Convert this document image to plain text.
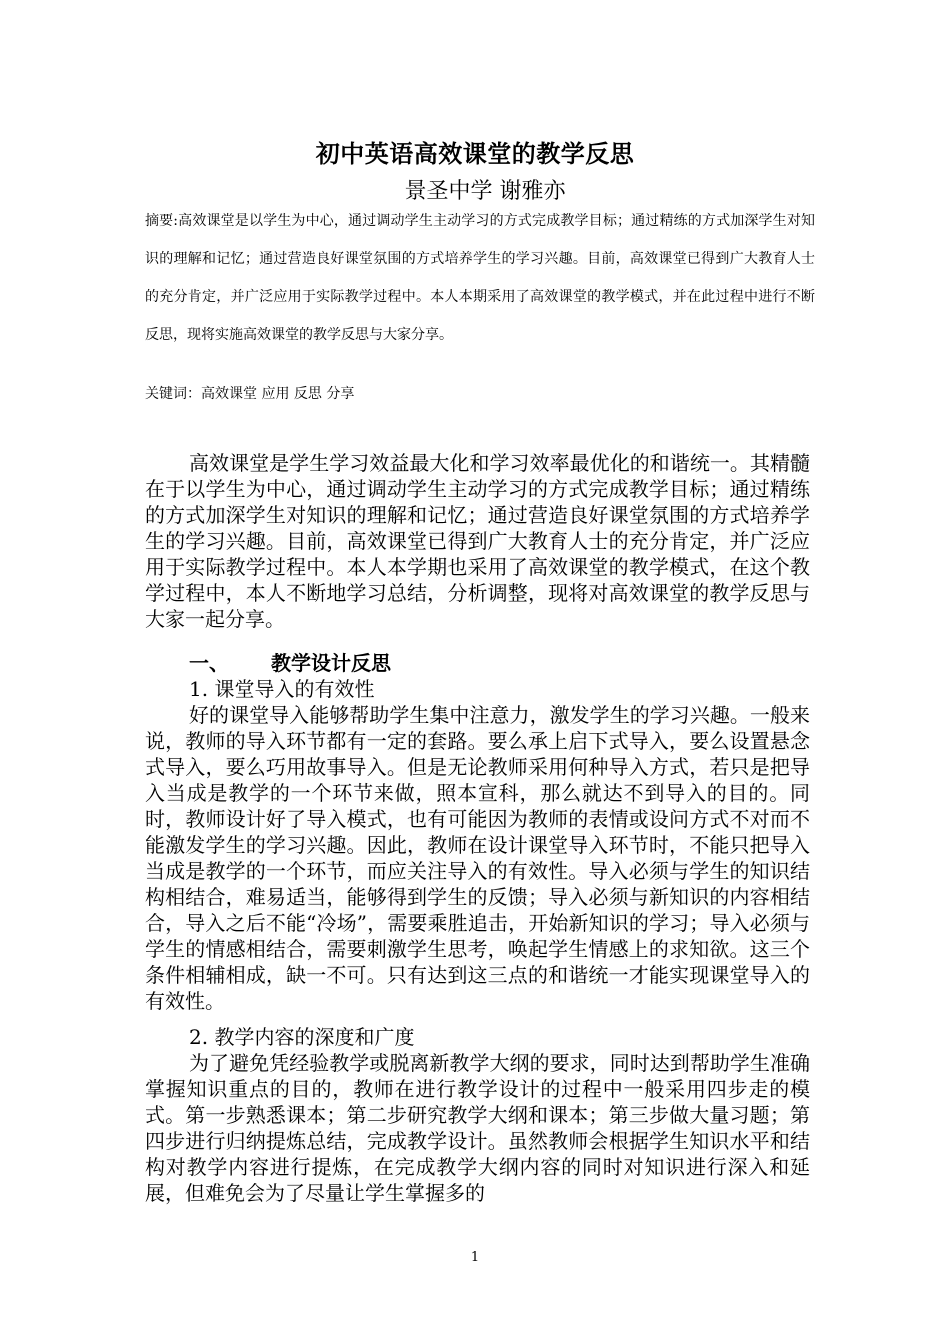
初中英语高效课堂的教学反思
景圣中学 谢雅亦
摘要:高效课堂是以学生为中心，通过调动学生主动学习的方式完成教学目标；通过精练的方式加深学生对知识的理解和记忆；通过营造良好课堂氛围的方式培养学生的学习兴趣。目前，高效课堂已得到广大教育人士的充分肯定，并广泛应用于实际教学过程中。本人本期采用了高效课堂的教学模式，并在此过程中进行不断反思，现将实施高效课堂的教学反思与大家分享。
关键词：高效课堂 应用 反思 分享
高效课堂是学生学习效益最大化和学习效率最优化的和谐统一。其精髓在于以学生为中心，通过调动学生主动学习的方式完成教学目标；通过精练的方式加深学生对知识的理解和记忆；通过营造良好课堂氛围的方式培养学生的学习兴趣。目前，高效课堂已得到广大教育人士的充分肯定，并广泛应用于实际教学过程中。本人本学期也采用了高效课堂的教学模式，在这个教学过程中，本人不断地学习总结，分析调整，现将对高效课堂的教学反思与大家一起分享。
一、 教学设计反思
1. 课堂导入的有效性
好的课堂导入能够帮助学生集中注意力，激发学生的学习兴趣。一般来说，教师的导入环节都有一定的套路。要么承上启下式导入，要么设置悬念式导入，要么巧用故事导入。但是无论教师采用何种导入方式，若只是把导入当成是教学的一个环节来做，照本宣科，那么就达不到导入的目的。同时，教师设计好了导入模式，也有可能因为教师的表情或设问方式不对而不能激发学生的学习兴趣。因此，教师在设计课堂导入环节时，不能只把导入当成是教学的一个环节，而应关注导入的有效性。导入必须与学生的知识结构相结合，难易适当，能够得到学生的反馈；导入必须与新知识的内容相结合，导入之后不能“冷场”，需要乘胜追击，开始新知识的学习；导入必须与学生的情感相结合，需要刺激学生思考，唤起学生情感上的求知欲。这三个条件相辅相成，缺一不可。只有达到这三点的和谐统一才能实现课堂导入的有效性。
2. 教学内容的深度和广度
为了避免凭经验教学或脱离新教学大纲的要求，同时达到帮助学生准确掌握知识重点的目的，教师在进行教学设计的过程中一般采用四步走的模式。第一步熟悉课本；第二步研究教学大纲和课本；第三步做大量习题；第四步进行归纳提炼总结，完成教学设计。虽然教师会根据学生知识水平和结构对教学内容进行提炼，在完成教学大纲内容的同时对知识进行深入和延展，但难免会为了尽量让学生掌握多的
1
